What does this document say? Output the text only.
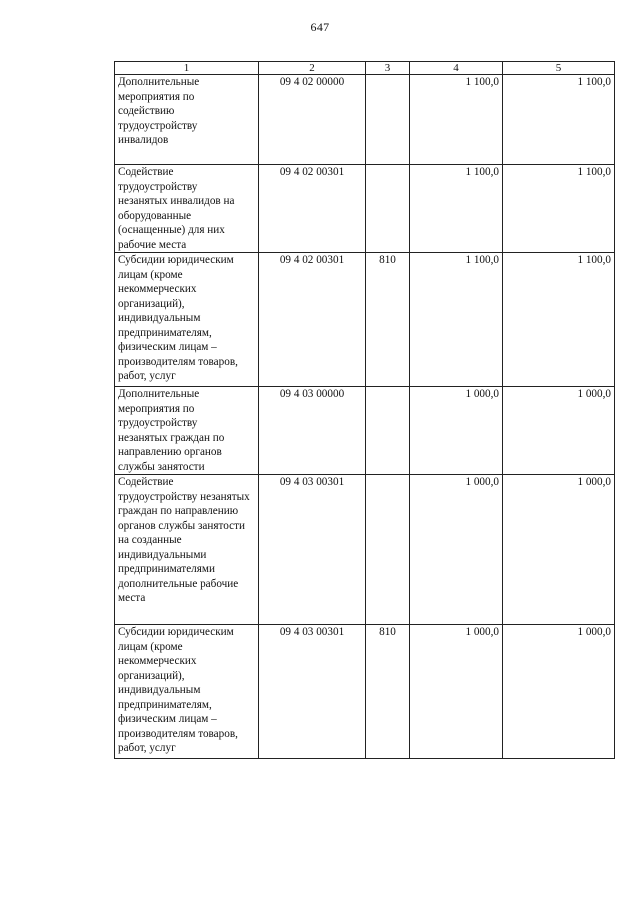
647
1	2	3	4	5

Дополнительные мероприятия по содействию трудоустройству инвалидов	09 4 02 00000		1 100,0	1 100,0

Содействие трудоустройству незанятых инвалидов на оборудованные (оснащенные) для них рабочие места	09 4 02 00301		1 100,0	1 100,0

Субсидии юридическим лицам (кроме некоммерческих организаций), индивидуальным предпринимателям, физическим лицам – производителям товаров, работ, услуг	09 4 02 00301	810	1 100,0	1 100,0

Дополнительные мероприятия по трудоустройству незанятых граждан по направлению органов службы занятости	09 4 03 00000		1 000,0	1 000,0

Содействие трудоустройству незанятых граждан по направлению органов службы занятости на созданные индивидуальными предпринимателями дополнительные рабочие места	09 4 03 00301		1 000,0	1 000,0

Субсидии юридическим лицам (кроме некоммерческих организаций), индивидуальным предпринимателям, физическим лицам – производителям товаров, работ, услуг	09 4 03 00301	810	1 000,0	1 000,0
